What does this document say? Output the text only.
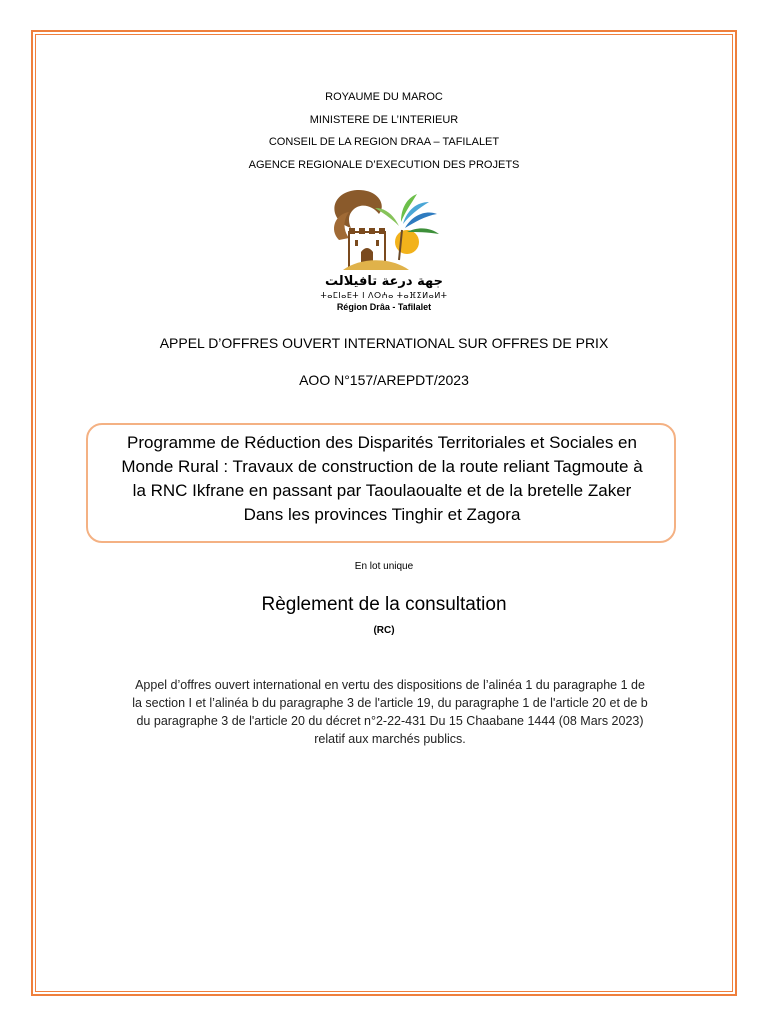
ROYAUME DU MAROC
MINISTERE DE L’INTERIEUR
CONSEIL DE LA REGION DRAA – TAFILALET
AGENCE REGIONALE D’EXECUTION DES PROJETS
جهة درعة تافيلالت
ⵜⴰⵎⵏⴰⴹⵜ ⵏ ⴷⵔⵄⴰ ⵜⴰⴼⵉⵍⴰⵍⵜ
Région Drâa - Tafilalet
APPEL D’OFFRES OUVERT INTERNATIONAL SUR OFFRES DE PRIX
AOO N°157/AREPDT/2023
Programme de Réduction des Disparités Territoriales et Sociales en
Monde Rural : Travaux de construction de la route reliant Tagmoute à
la RNC Ikfrane en passant par Taoulaoualte et de la bretelle Zaker
Dans les provinces Tinghir et Zagora
En lot unique
Règlement de la consultation
(RC)
Appel d’offres ouvert international en vertu des dispositions de l’alinéa 1 du paragraphe 1 de
la section I et l’alinéa b du paragraphe 3 de l'article 19, du paragraphe 1 de l'article 20 et de b
du paragraphe 3 de l'article 20 du décret n°2-22-431 Du 15 Chaabane 1444 (08 Mars 2023)
relatif aux marchés publics.
